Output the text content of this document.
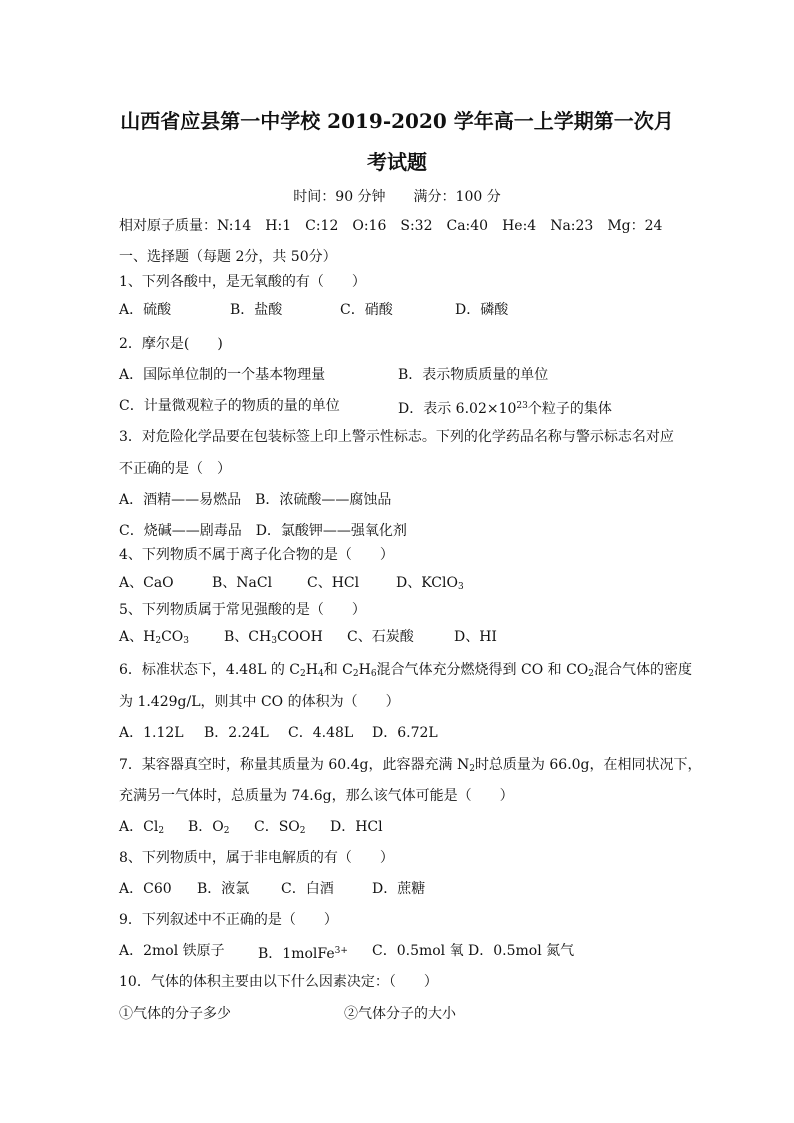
山西省应县第一中学校 2019-2020 学年高一上学期第一次月
考试题
时间：90 分钟　　满分：100 分
相对原子质量：N:14　H:1　C:12　O:16　S:32　Ca:40　He:4　Na:23　Mg：24
一、选择题（每题 2分，共 50分）
1、下列各酸中，是无氧酸的有（　　）
A．硫酸	B．盐酸	C．硝酸	D．磷酸
2．摩尔是(　　)
A．国际单位制的一个基本物理量	B．表示物质质量的单位
C．计量微观粒子的物质的量的单位	D．表示 $6.02\times 10^{23}$个粒子的集体
3．对危险化学品要在包装标签上印上警示性标志。下列的化学药品名称与警示标志名对应
不正确的是（　）
A．酒精——易燃品　B．浓硫酸——腐蚀品
C．烧碱——剧毒品　D．氯酸钾——强氧化剂
4、下列物质不属于离子化合物的是（　　）
A、CaO	B、NaCl C、HCl	D、KClO$_3$
5、下列物质属于常见强酸的是（　　）
A、$H_2CO_3$	B、$CH_3COOH$ C、石炭酸	D、HI
6．标准状态下，4.48L 的 $C_2H_4$和 $C_2H_6$混合气体充分燃烧得到 CO 和 $CO_2$混合气体的密度
为 1.429g/L，则其中 CO 的体积为（　　）
A．1.12L B．2.24L C．4.48L D．6.72L
7．某容器真空时，称量其质量为 60.4g，此容器充满 $N_2$时总质量为 66.0g，在相同状况下，
充满另一气体时，总质量为 74.6g，那么该气体可能是（　　）
A．$Cl_2$ B．$O_2$ C．$SO_2$ D．HCl
8、下列物质中，属于非电解质的有（　　）
A．C60 B．液氯 C．白酒	D．蔗糖
9．下列叙述中不正确的是（　　）
A．2mol 铁原子 B．1molFe$^{3+}$ C．0.5mol 氧 D．0.5mol 氮气
10．气体的体积主要由以下什么因素决定：（　　）
①气体的分子多少	②气体分子的大小
